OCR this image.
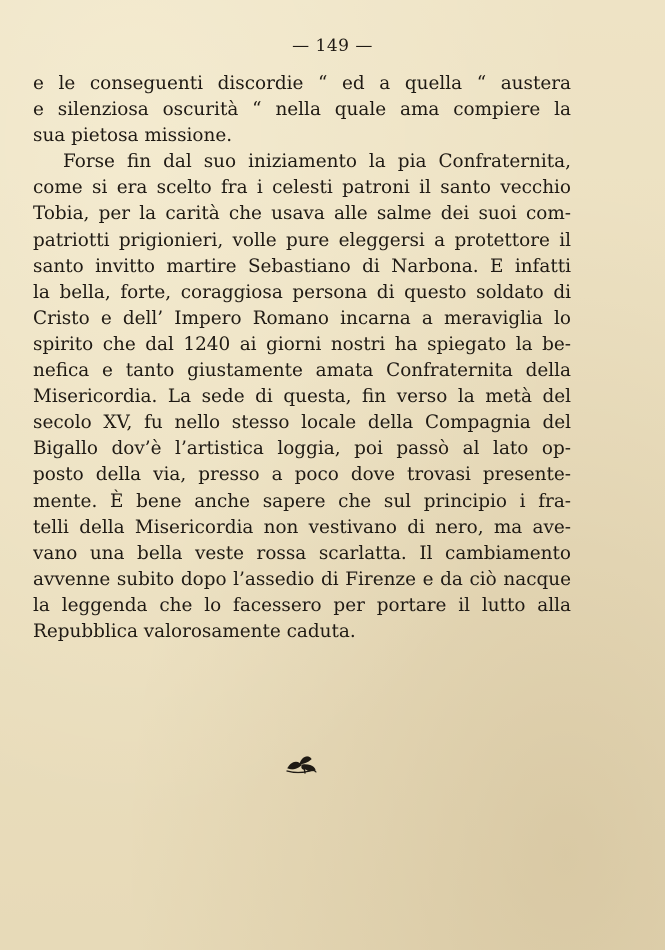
— 149 —
e le conseguenti discordie “ ed a quella “ austera
e silenziosa oscurità “ nella quale ama compiere la
sua pietosa missione.
Forse fin dal suo iniziamento la pia Confraternita,
come si era scelto fra i celesti patroni il santo vecchio
Tobia, per la carità che usava alle salme dei suoi com-
patriotti prigionieri, volle pure eleggersi a protettore il
santo invitto martire Sebastiano di Narbona. E infatti
la bella, forte, coraggiosa persona di questo soldato di
Cristo e dell’ Impero Romano incarna a meraviglia lo
spirito che dal 1240 ai giorni nostri ha spiegato la be-
nefica e tanto giustamente amata Confraternita della
Misericordia. La sede di questa, fin verso la metà del
secolo XV, fu nello stesso locale della Compagnia del
Bigallo dov’è l’artistica loggia, poi passò al lato op-
posto della via, presso a poco dove trovasi presente-
mente. È bene anche sapere che sul principio i fra-
telli della Misericordia non vestivano di nero, ma ave-
vano una bella veste rossa scarlatta. Il cambiamento
avvenne subito dopo l’assedio di Firenze e da ciò nacque
la leggenda che lo facessero per portare il lutto alla
Repubblica valorosamente caduta.
